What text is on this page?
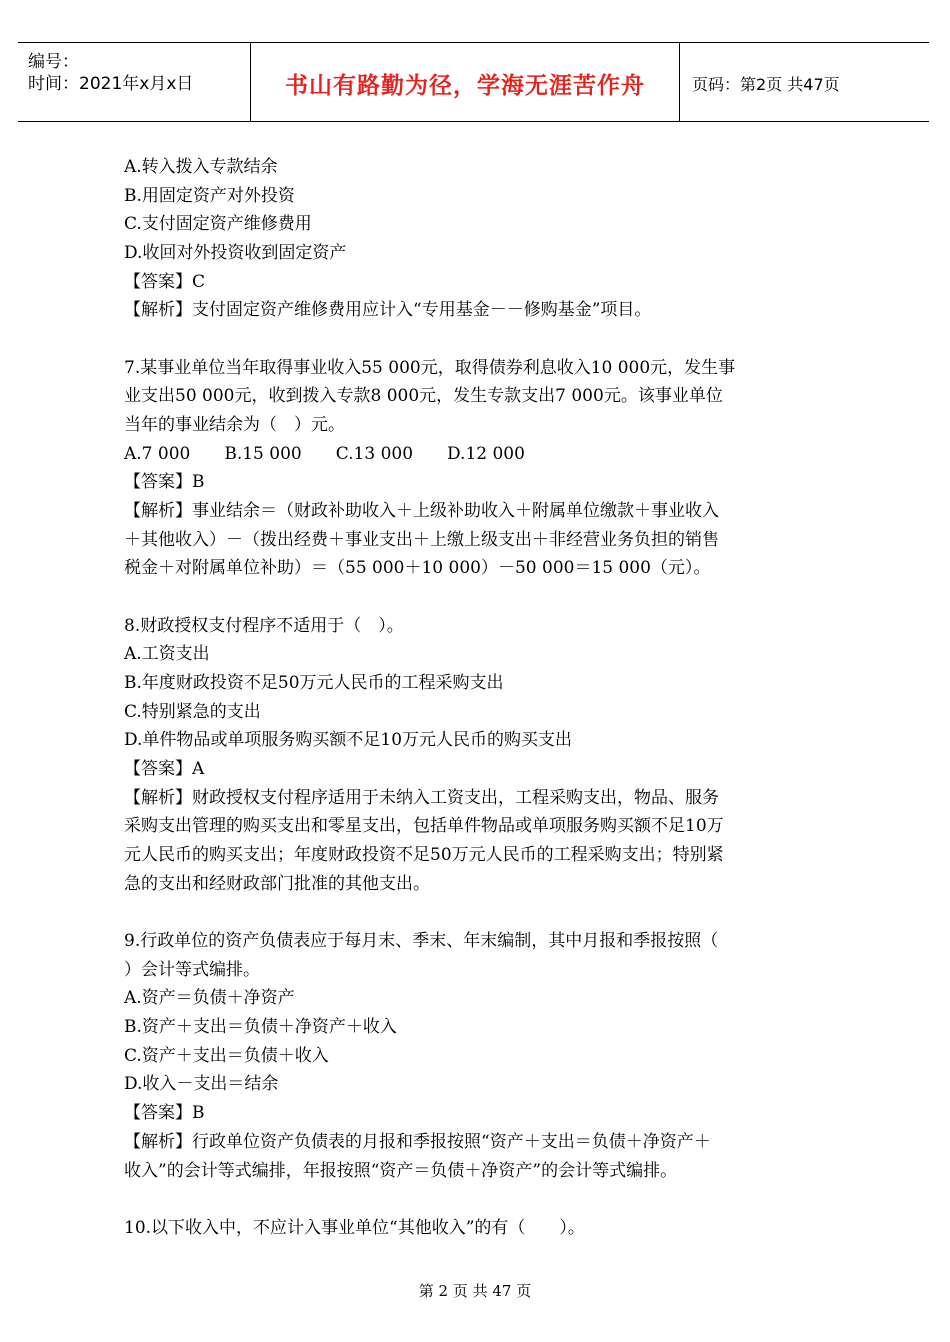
编号：
时间：2021年x月x日	书山有路勤为径，学海无涯苦作舟	页码：第2页 共47页
A.转入拨入专款结余
B.用固定资产对外投资
C.支付固定资产维修费用
D.收回对外投资收到固定资产
【答案】C
【解析】支付固定资产维修费用应计入“专用基金－－修购基金”项目。
7.某事业单位当年取得事业收入55 000元，取得债券利息收入10 000元，发生事
业支出50 000元，收到拨入专款8 000元，发生专款支出7 000元。该事业单位
当年的事业结余为（　）元。
A.7 000　　B.15 000　　C.13 000　　D.12 000
【答案】B
【解析】事业结余＝（财政补助收入＋上级补助收入＋附属单位缴款＋事业收入
＋其他收入）－（拨出经费＋事业支出＋上缴上级支出＋非经营业务负担的销售
税金＋对附属单位补助）＝（55 000＋10 000）－50 000＝15 000（元）。
8.财政授权支付程序不适用于（　）。
A.工资支出
B.年度财政投资不足50万元人民币的工程采购支出
C.特别紧急的支出
D.单件物品或单项服务购买额不足10万元人民币的购买支出
【答案】A
【解析】财政授权支付程序适用于未纳入工资支出，工程采购支出，物品、服务
采购支出管理的购买支出和零星支出，包括单件物品或单项服务购买额不足10万
元人民币的购买支出；年度财政投资不足50万元人民币的工程采购支出；特别紧
急的支出和经财政部门批准的其他支出。
9.行政单位的资产负债表应于每月末、季末、年末编制，其中月报和季报按照（
）会计等式编排。
A.资产＝负债＋净资产
B.资产＋支出＝负债＋净资产＋收入
C.资产＋支出＝负债＋收入
D.收入－支出＝结余
【答案】B
【解析】行政单位资产负债表的月报和季报按照“资产＋支出＝负债＋净资产＋
收入”的会计等式编排，年报按照“资产＝负债＋净资产”的会计等式编排。
10.以下收入中，不应计入事业单位“其他收入”的有（　　）。
第 2 页 共 47 页
